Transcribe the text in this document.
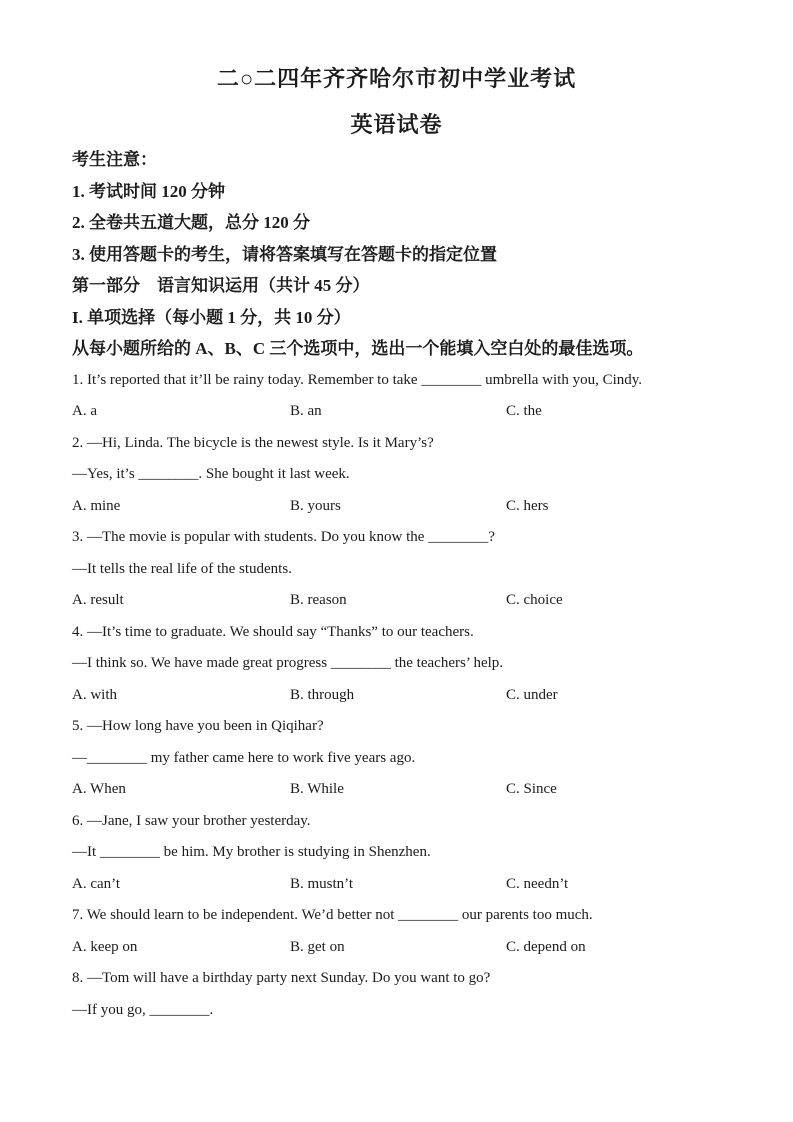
二○二四年齐齐哈尔市初中学业考试
英语试卷
考生注意：
1. 考试时间 120 分钟
2. 全卷共五道大题，总分 120 分
3. 使用答题卡的考生，请将答案填写在答题卡的指定位置
第一部分　语言知识运用（共计 45 分）
I. 单项选择（每小题 1 分，共 10 分）
从每小题所给的 A、B、C 三个选项中，选出一个能填入空白处的最佳选项。
1. It’s reported that it’ll be rainy today. Remember to take ________ umbrella with you, Cindy.
A. a	B. an	C. the
2. —Hi, Linda. The bicycle is the newest style. Is it Mary’s?
—Yes, it’s ________. She bought it last week.
A. mine	B. yours	C. hers
3. —The movie is popular with students. Do you know the ________?
—It tells the real life of the students.
A. result	B. reason	C. choice
4. —It’s time to graduate. We should say “Thanks” to our teachers.
—I think so. We have made great progress ________ the teachers’ help.
A. with	B. through	C. under
5. —How long have you been in Qiqihar?
—________ my father came here to work five years ago.
A. When	B. While	C. Since
6. —Jane, I saw your brother yesterday.
—It ________ be him. My brother is studying in Shenzhen.
A. can’t	B. mustn’t	C. needn’t
7. We should learn to be independent. We’d better not ________ our parents too much.
A. keep on	B. get on	C. depend on
8. —Tom will have a birthday party next Sunday. Do you want to go?
—If you go, ________.
